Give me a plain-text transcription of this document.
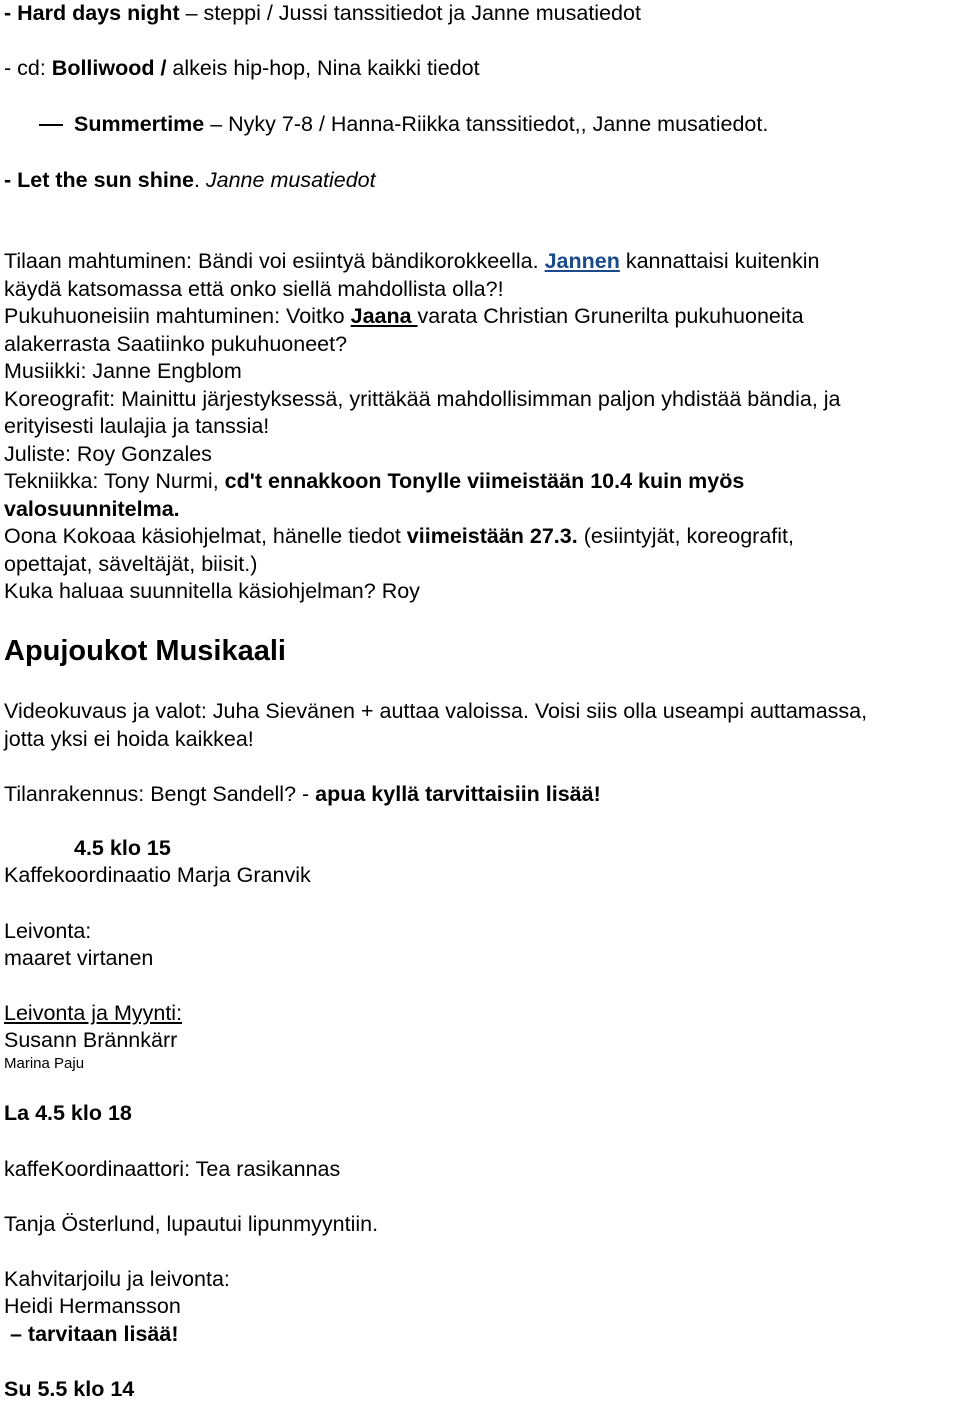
- Hard days night – steppi / Jussi tanssitiedot ja Janne musatiedot
- cd: Bolliwood / alkeis hip-hop, Nina kaikki tiedot
Summertime – Nyky 7-8 / Hanna-Riikka tanssitiedot,, Janne musatiedot.
- Let the sun shine. Janne musatiedot
Tilaan mahtuminen: Bändi voi esiintyä bändikorokkeella. Jannen kannattaisi kuitenkin
käydä katsomassa että onko siellä mahdollista olla?!
Pukuhuoneisiin mahtuminen: Voitko Jaana varata Christian Grunerilta pukuhuoneita
alakerrasta Saatiinko pukuhuoneet?
Musiikki: Janne Engblom
Koreografit: Mainittu järjestyksessä, yrittäkää mahdollisimman paljon yhdistää bändia, ja
erityisesti laulajia ja tanssia!
Juliste: Roy Gonzales
Tekniikka: Tony Nurmi, cd't ennakkoon Tonylle viimeistään 10.4 kuin myös
valosuunnitelma.
Oona Kokoaa käsiohjelmat, hänelle tiedot viimeistään 27.3. (esiintyjät, koreografit,
opettajat, säveltäjät, biisit.)
Kuka haluaa suunnitella käsiohjelman? Roy
Apujoukot Musikaali
Videokuvaus ja valot: Juha Sievänen + auttaa valoissa. Voisi siis olla useampi auttamassa,
jotta yksi ei hoida kaikkea!
Tilanrakennus: Bengt Sandell? - apua kyllä tarvittaisiin lisää!
4.5 klo 15
Kaffekoordinaatio Marja Granvik
Leivonta:
maaret virtanen
Leivonta ja Myynti:
Susann Brännkärr
Marina Paju
La 4.5 klo 18
kaffeKoordinaattori: Tea rasikannas
Tanja Österlund, lupautui lipunmyyntiin.
Kahvitarjoilu ja leivonta:
Heidi Hermansson
– tarvitaan lisää!
Su 5.5 klo 14
